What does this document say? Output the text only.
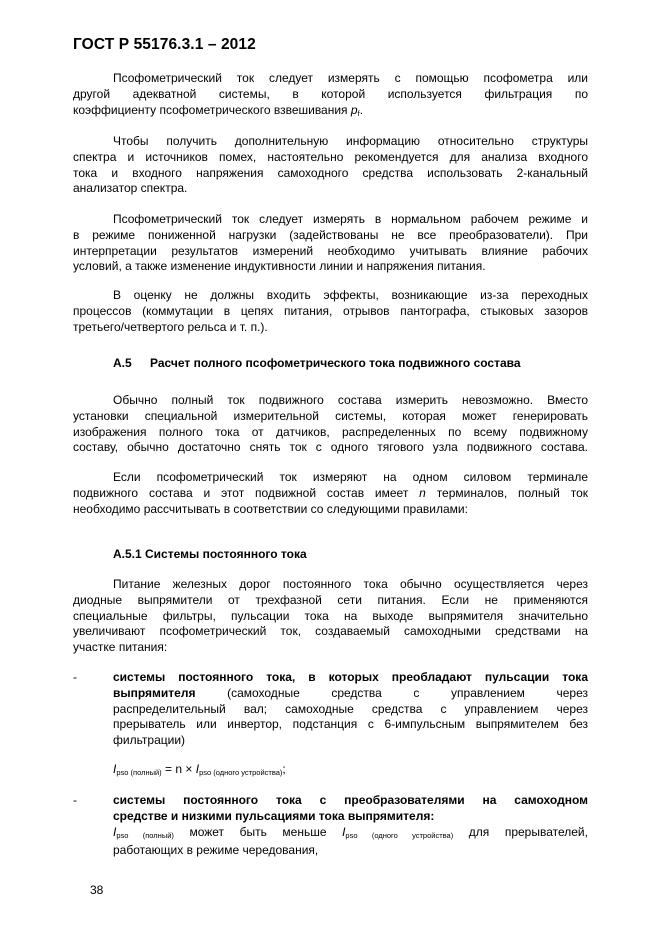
ГОСТ Р 55176.3.1 – 2012
Псофометрический ток следует измерять с помощью псофометра или
другой адекватной системы, в которой используется фильтрация по
коэффициенту псофометрического взвешивания $p_f$.
Чтобы получить дополнительную информацию относительно структуры
спектра и источников помех, настоятельно рекомендуется для анализа входного
тока и входного напряжения самоходного средства использовать 2-канальный
анализатор спектра.
Псофометрический ток следует измерять в нормальном рабочем режиме и
в режиме пониженной нагрузки (задействованы не все преобразователи). При
интерпретации результатов измерений необходимо учитывать влияние рабочих
условий, а также изменение индуктивности линии и напряжения питания.
В оценку не должны входить эффекты, возникающие из-за переходных
процессов (коммутации в цепях питания, отрывов пантографа, стыковых зазоров
третьего/четвертого рельса и т. п.).
А.5 Расчет полного псофометрического тока подвижного состава
Обычно полный ток подвижного состава измерить невозможно. Вместо
установки специальной измерительной системы, которая может генерировать
изображения полного тока от датчиков, распределенных по всему подвижному
составу, обычно достаточно снять ток с одного тягового узла подвижного состава.
Если псофометрический ток измеряют на одном силовом терминале
подвижного состава и этот подвижной состав имеет n терминалов, полный ток
необходимо рассчитывать в соответствии со следующими правилами:
А.5.1 Системы постоянного тока
Питание железных дорог постоянного тока обычно осуществляется через
диодные выпрямители от трехфазной сети питания. Если не применяются
специальные фильтры, пульсации тока на выходе выпрямителя значительно
увеличивают псофометрический ток, создаваемый самоходными средствами на
участке питания:
-	системы постоянного тока, в которых преобладают пульсации тока
выпрямителя (самоходные средства с управлением через
распределительный вал; самоходные средства с управлением через
прерыватель или инвертор, подстанция с 6-импульсным выпрямителем без
фильтрации)
$I_{pso (полный)} = n \times I_{pso (одного устройства)}$;
-	системы постоянного тока с преобразователями на самоходном
средстве и низкими пульсациями тока выпрямителя:
$I_{pso (полный)}$ может быть меньше $I_{pso (одного устройства)}$ для прерывателей,
работающих в режиме чередования,
38
